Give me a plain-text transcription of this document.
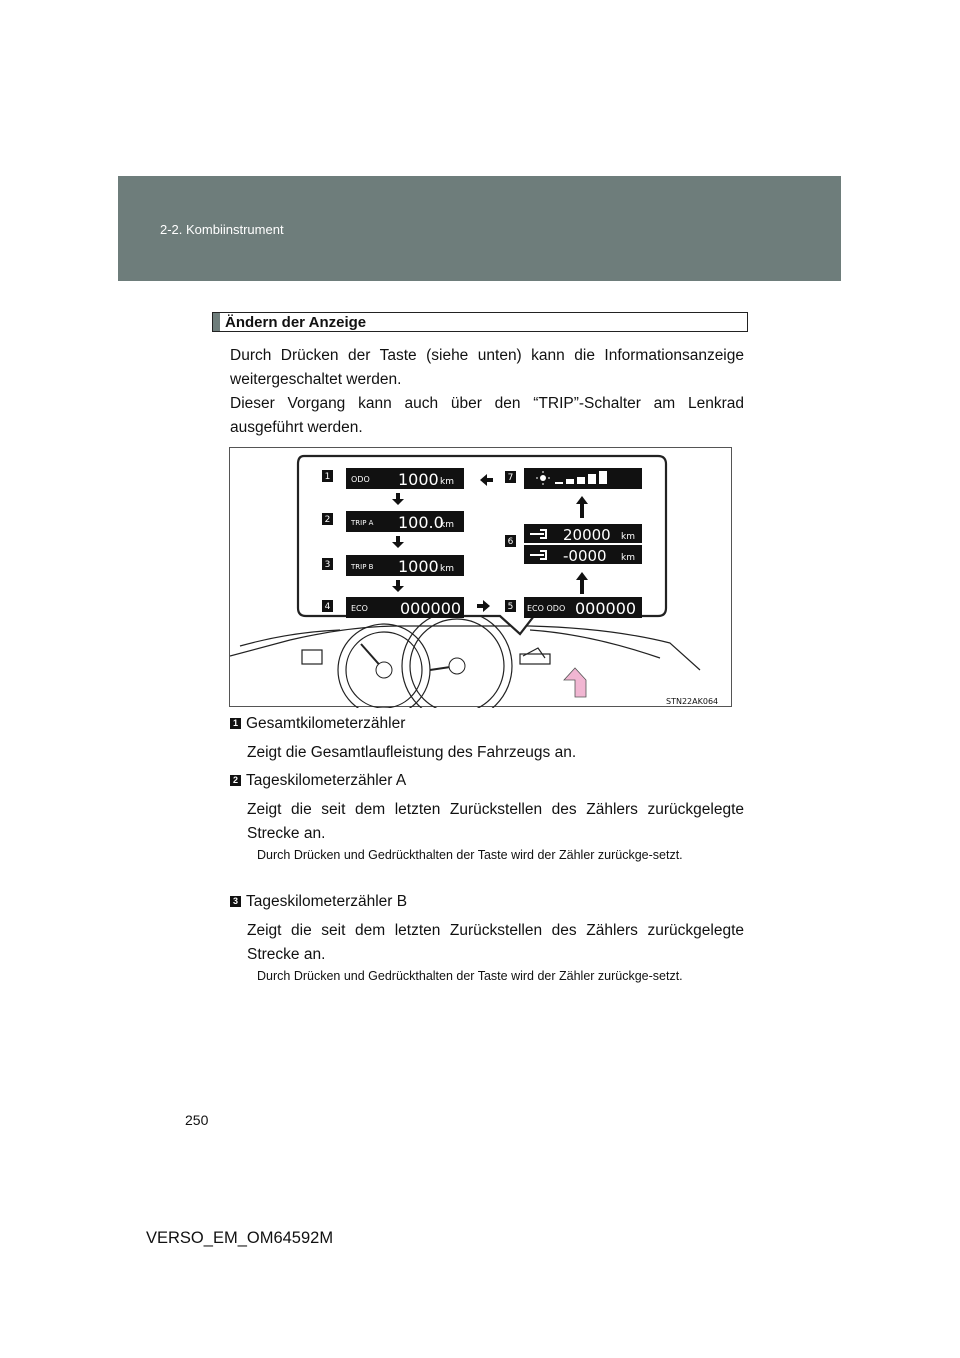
2-2. Kombiinstrument
Ändern der Anzeige

Durch Drücken der Taste (siehe unten) kann die Informationsanzeige weitergeschaltet werden.

Dieser Vorgang kann auch über den “TRIP”-Schalter am Lenkrad ausgeführt werden.

STN22AK064
1	ODO 1000 km
2	TRIP A 100.0
km
3	TRIP B 1000 km
4	ECO 000000	5 ECO ODO 000000
6	20000 km
-0000 km
7
1 Gesamtkilometerzähler
Zeigt die Gesamtlaufleistung des Fahrzeugs an.
2 Tageskilometerzähler A
Zeigt die seit dem letzten Zurückstellen des Zählers zurückgelegte Strecke an.
Durch Drücken und Gedrückthalten der Taste wird der Zähler zurückge-setzt.
3 Tageskilometerzähler B
Zeigt die seit dem letzten Zurückstellen des Zählers zurückgelegte Strecke an.
Durch Drücken und Gedrückthalten der Taste wird der Zähler zurückge-setzt.
250
VERSO_EM_OM64592M
